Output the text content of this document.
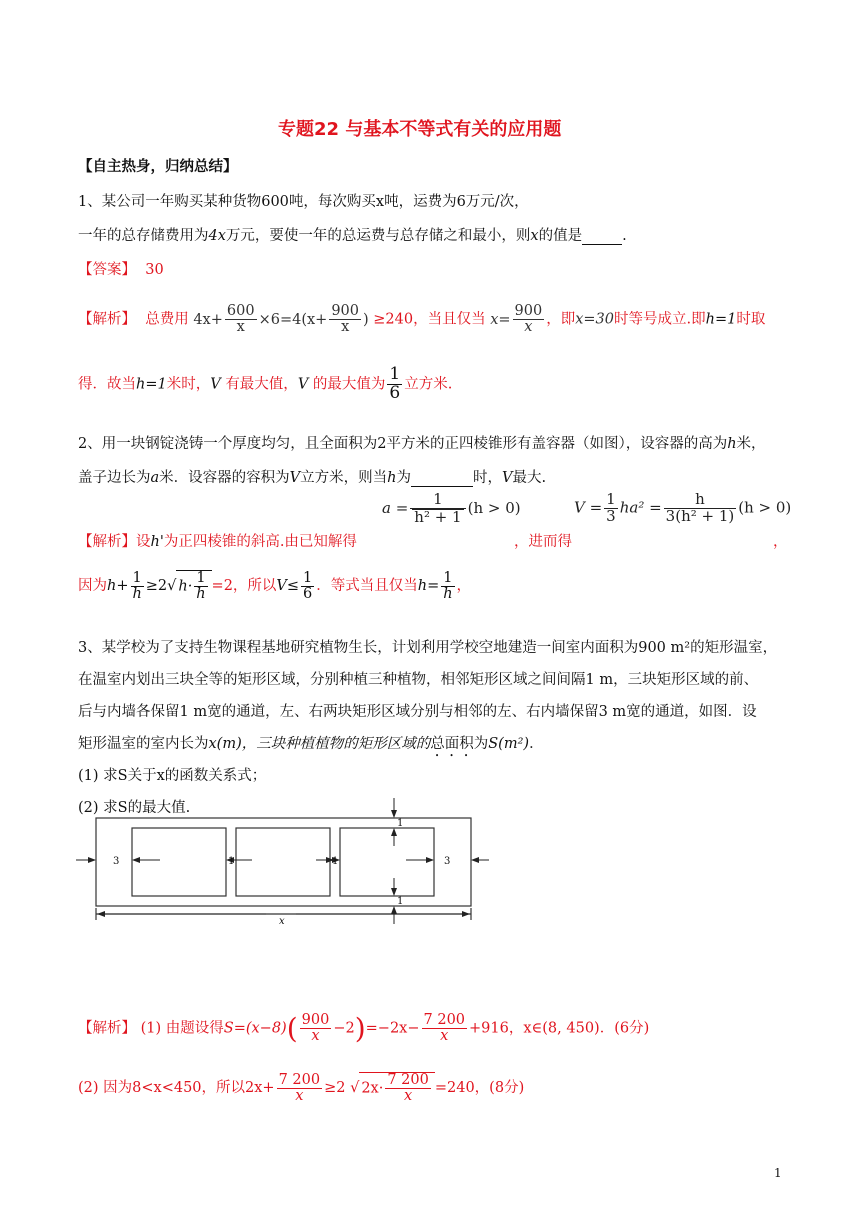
专题22 与基本不等式有关的应用题
【自主热身，归纳总结】
1、某公司一年购买某种货物600吨，每次购买x吨，运费为6万元/次，
一年的总存储费用为4x万元，要使一年的总运费与总存储之和最小，则x的值是	.
【答案】 30
【解析】 总费用 $4x+ \frac{600}{x} \times 6=4(x+ \frac{900}{x}$ ) ≥240，当且仅当 $x= \frac{900}{x}$ ，即x=30时等号成立.即h=1时取
得．故当h=1米时，V 有最大值，V 的最大值为 $\frac{1}{6}$ 立方米.
2、用一块钢锭浇铸一个厚度均匀，且全面积为2平方米的正四棱锥形有盖容器（如图），设容器的高为h米，
盖子边长为a米．设容器的容积为V立方米，则当h为	时，V最大.
$a = \frac{1}{\text{h² + 1}} (h > 0)$	$V = \frac{1}{3} ha^2 = \frac{h}{\text{3(h² + 1)}} (h > 0)$
【解析】设h'为正四棱锥的斜高.由已知解得	，进而得	，
因为$h+ \frac{1}{h} \ge 2√$ $h\cdot \frac{1}{h} =2$，所以$V\le \frac{1}{6}$ ．等式当且仅当$h= \frac{1}{h}$ ，
3、某学校为了支持生物课程基地研究植物生长，计划利用学校空地建造一间室内面积为900 m²的矩形温室，
在温室内划出三块全等的矩形区域，分别种植三种植物，相邻矩形区域之间间隔1 m，三块矩形区域的前、
后与内墙各保留1 m宽的通道，左、右两块矩形区域分别与相邻的左、右内墙保留3 m宽的通道，如图．设
矩形温室的室内长为x(m)，三块种植植物的矩形区域的总面积为S(m²)．
(1) 求S关于x的函数关系式；
(2) 求S的最大值.
3	1	1	3
1
1
x
【解析】 (1) 由题设得$S=(x-8)( \frac{900}{x} -2)=-2x- \frac{7 200}{x} +916$，x∈(8, 450)．(6分)
(2) 因为8<x<450，所以$2x+ \frac{7 200}{x} \ge 2$ √ $2x\cdot \frac{7 200}{x} =240$，(8分)
1
